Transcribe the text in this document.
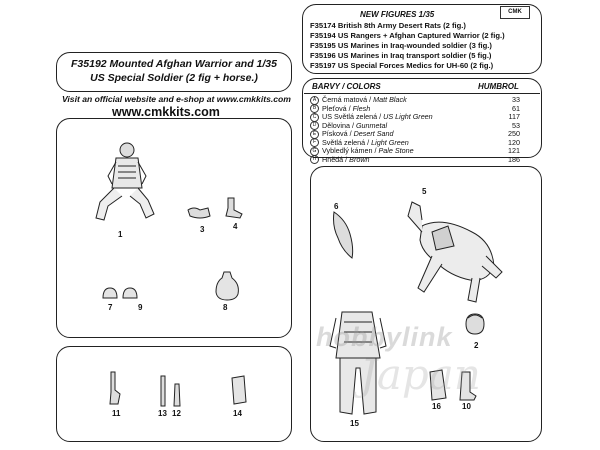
F35192 Mounted Afghan Warrior and 1/35
US Special Soldier (2 fig + horse.)
Visit an official website and e-shop at www.cmkkits.com
www.cmkkits.com
CMK
NEW FIGURES 1/35
F35174 British 8th Army Desert Rats (2 fig.)
F35194 US Rangers + Afghan Captured Warrior (2 fig.)
F35195 US Marines in Iraq-wounded soldier (3 fig.)
F35196 US Marines in Iraq transport soldier (5 fig.)
F35197 US Special Forces Medics for UH-60 (2 fig.)
BARVY / COLORS	HUMBROL
A Černá matová / Matt Black	33
B Pleťová / Flesh	61
C US Světlá zelená / US Light Green	117
D Dělovina / Gunmetal	53
E Písková / Desert Sand	250
F Světlá zelená / Light Green	120
G Vybledlý kámen / Pale Stone	121
H Hnědá / Brown	186
1
3	4
7	9	8
11	13 12	14
5
6
15
2
16	10
hobbylink
Japan
